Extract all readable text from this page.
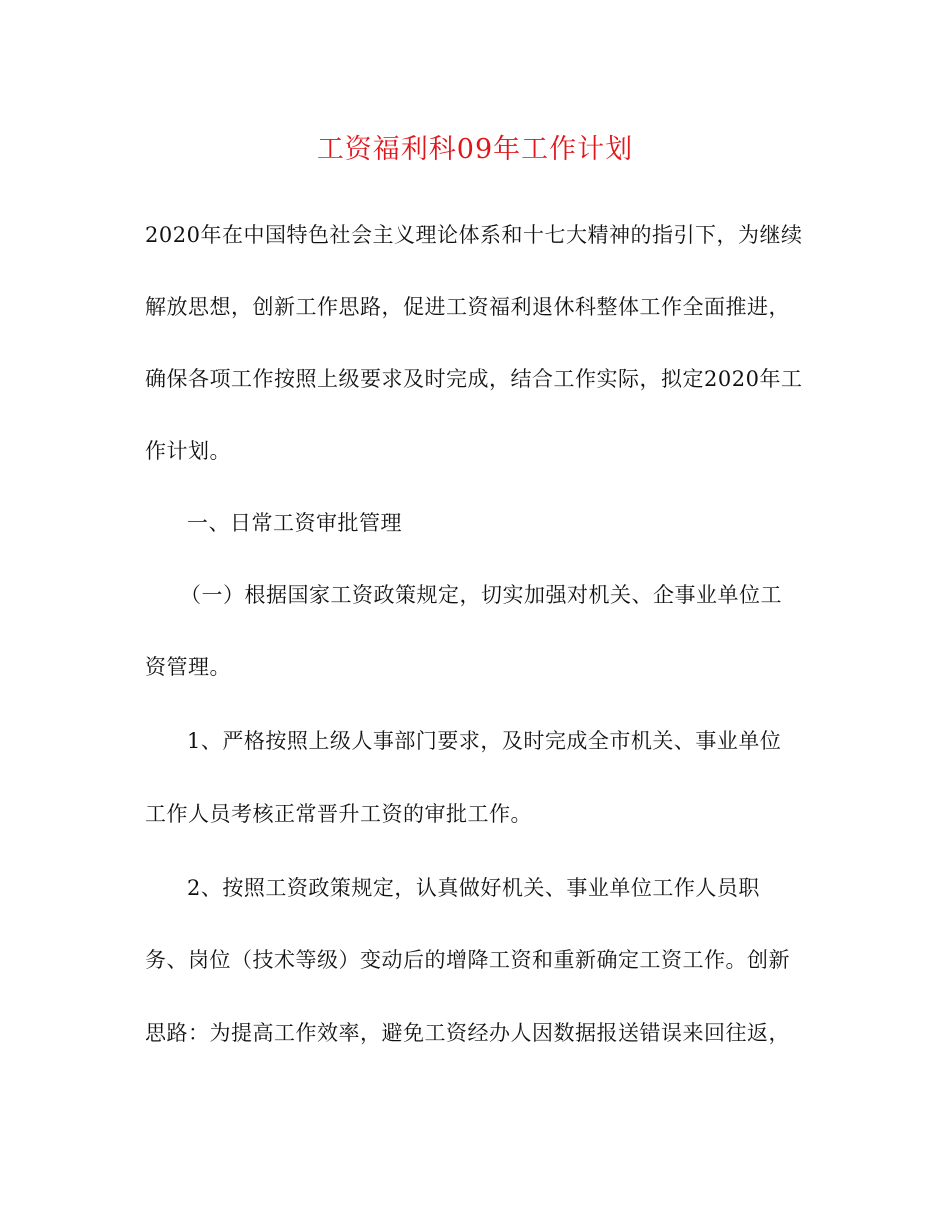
工资福利科09年工作计划
2020年在中国特色社会主义理论体系和十七大精神的指引下，为继续
解放思想，创新工作思路，促进工资福利退休科整体工作全面推进，
确保各项工作按照上级要求及时完成，结合工作实际，拟定2020年工
作计划。
一、日常工资审批管理
（一）根据国家工资政策规定，切实加强对机关、企事业单位工
资管理。
1、严格按照上级人事部门要求，及时完成全市机关、事业单位
工作人员考核正常晋升工资的审批工作。
2、按照工资政策规定，认真做好机关、事业单位工作人员职
务、岗位（技术等级）变动后的增降工资和重新确定工资工作。创新
思路：为提高工作效率，避免工资经办人因数据报送错误来回往返，
